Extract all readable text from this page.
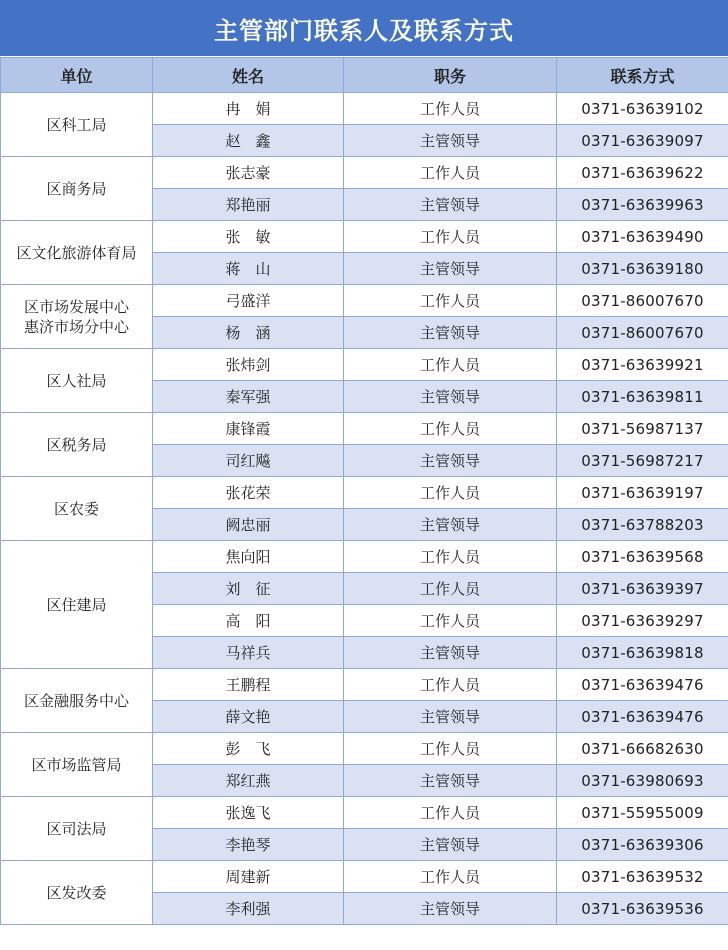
主管部门联系人及联系方式
单位	姓名	职务	联系方式
区科工局	冉　娟	工作人员	0371-63639102
	赵　鑫	主管领导	0371-63639097
区商务局	张志豪	工作人员	0371-63639622
	郑艳丽	主管领导	0371-63639963
区文化旅游体育局	张　敏	工作人员	0371-63639490
	蒋　山	主管领导	0371-63639180
区市场发展中心
惠济市场分中心	弓盛洋	工作人员	0371-86007670
	杨　涵	主管领导	0371-86007670
区人社局	张炜剑	工作人员	0371-63639921
	秦军强	主管领导	0371-63639811
区税务局	康锋霞	工作人员	0371-56987137
	司红飚	主管领导	0371-56987217
区农委	张花荣	工作人员	0371-63639197
	阙忠丽	主管领导	0371-63788203
区住建局	焦向阳	工作人员	0371-63639568
	刘　征	工作人员	0371-63639397
	高　阳	工作人员	0371-63639297
	马祥兵	主管领导	0371-63639818
区金融服务中心	王鹏程	工作人员	0371-63639476
	薛文艳	主管领导	0371-63639476
区市场监管局	彭　飞	工作人员	0371-66682630
	郑红燕	主管领导	0371-63980693
区司法局	张逸飞	工作人员	0371-55955009
	李艳琴	主管领导	0371-63639306
区发改委	周建新	工作人员	0371-63639532
	李利强	主管领导	0371-63639536
